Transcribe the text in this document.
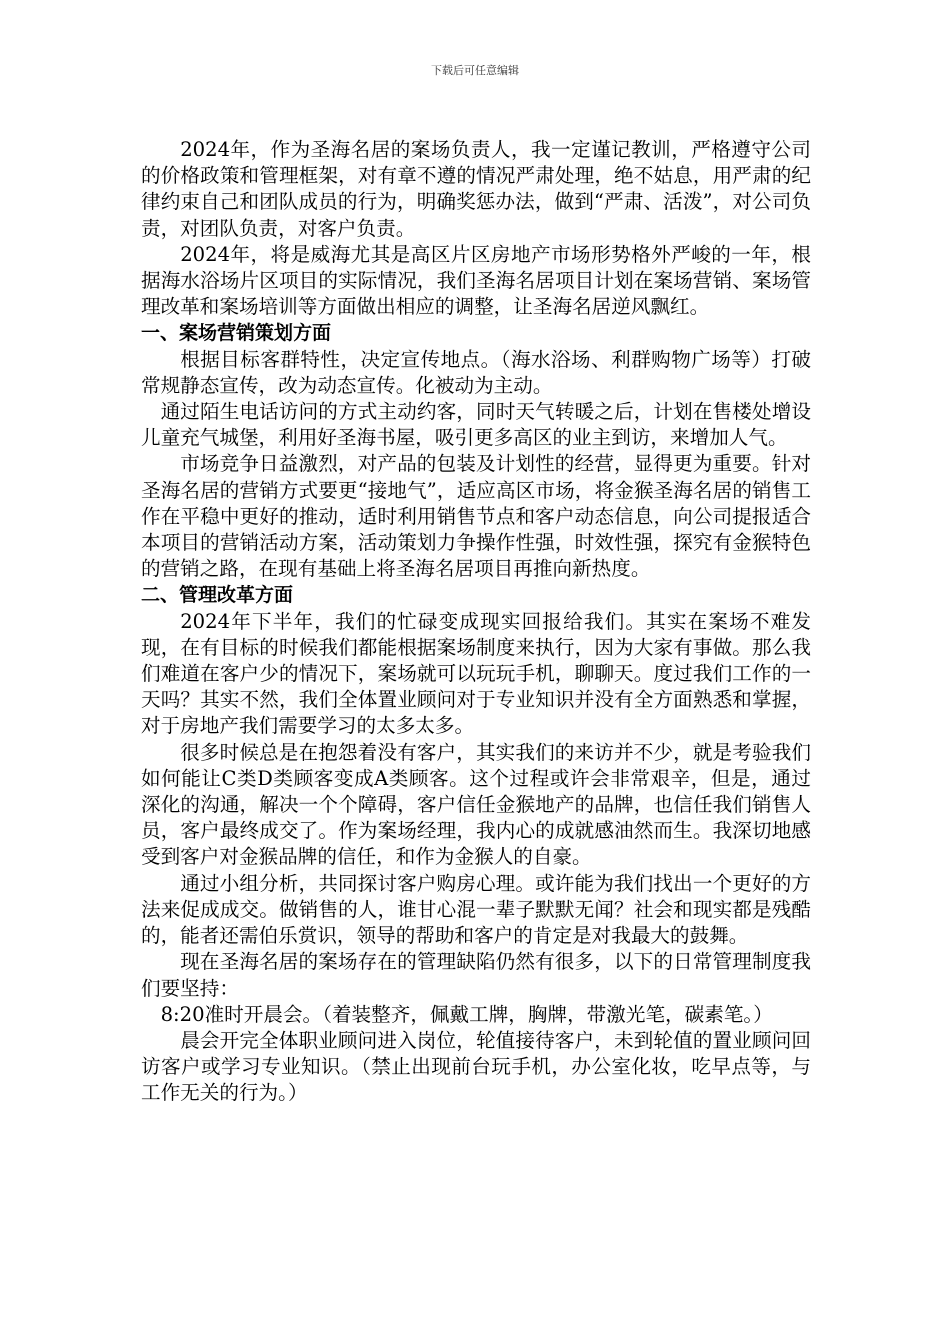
下载后可任意编辑

2024年，作为圣海名居的案场负责人，我一定谨记教训，严格遵守公司的价格政策和管理框架，对有章不遵的情况严肃处理，绝不姑息，用严肃的纪律约束自己和团队成员的行为，明确奖惩办法，做到“严肃、活泼”，对公司负责，对团队负责，对客户负责。

2024年，将是威海尤其是高区片区房地产市场形势格外严峻的一年，根据海水浴场片区项目的实际情况，我们圣海名居项目计划在案场营销、案场管理改革和案场培训等方面做出相应的调整，让圣海名居逆风飘红。

一、案场营销策划方面

根据目标客群特性，决定宣传地点。（海水浴场、利群购物广场等）打破常规静态宣传，改为动态宣传。化被动为主动。

通过陌生电话访问的方式主动约客，同时天气转暖之后，计划在售楼处增设儿童充气城堡，利用好圣海书屋，吸引更多高区的业主到访，来增加人气。

市场竞争日益激烈，对产品的包装及计划性的经营，显得更为重要。针对圣海名居的营销方式要更“接地气”，适应高区市场，将金猴圣海名居的销售工作在平稳中更好的推动，适时利用销售节点和客户动态信息，向公司提报适合本项目的营销活动方案，活动策划力争操作性强，时效性强，探究有金猴特色的营销之路，在现有基础上将圣海名居项目再推向新热度。

二、管理改革方面

2024年下半年，我们的忙碌变成现实回报给我们。其实在案场不难发现，在有目标的时候我们都能根据案场制度来执行，因为大家有事做。那么我们难道在客户少的情况下，案场就可以玩玩手机，聊聊天。度过我们工作的一天吗？其实不然，我们全体置业顾问对于专业知识并没有全方面熟悉和掌握，对于房地产我们需要学习的太多太多。

很多时候总是在抱怨着没有客户，其实我们的来访并不少，就是考验我们如何能让C类D类顾客变成A类顾客。这个过程或许会非常艰辛，但是，通过深化的沟通，解决一个个障碍，客户信任金猴地产的品牌，也信任我们销售人员，客户最终成交了。作为案场经理，我内心的成就感油然而生。我深切地感受到客户对金猴品牌的信任，和作为金猴人的自豪。

通过小组分析，共同探讨客户购房心理。或许能为我们找出一个更好的方法来促成成交。做销售的人，谁甘心混一辈子默默无闻？社会和现实都是残酷的，能者还需伯乐赏识，领导的帮助和客户的肯定是对我最大的鼓舞。

现在圣海名居的案场存在的管理缺陷仍然有很多，以下的日常管理制度我们要坚持：

8:20准时开晨会。（着装整齐，佩戴工牌，胸牌，带激光笔，碳素笔。）

晨会开完全体职业顾问进入岗位，轮值接待客户，未到轮值的置业顾问回访客户或学习专业知识。（禁止出现前台玩手机，办公室化妆，吃早点等，与工作无关的行为。）
